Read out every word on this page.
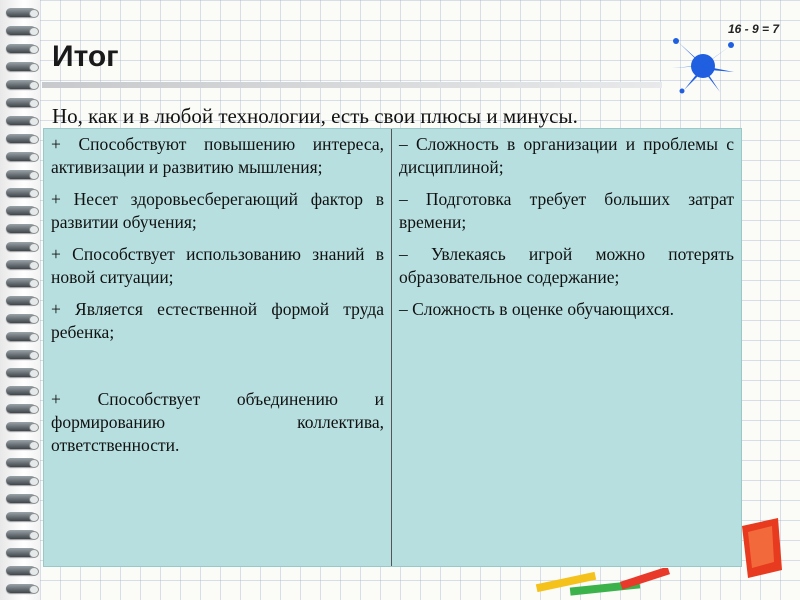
Итог
16 - 9 = 7
Но, как и в любой технологии, есть свои плюсы и минусы.
+ Способствуют повышению интереса, активизации и развитию мышления;
+ Несет здоровьесберегающий фактор в развитии обучения;
+ Способствует использованию знаний в новой ситуации;
+ Является естественной формой труда ребенка;
+ Способствует объединению и формированию коллектива, ответственности.
– Сложность в организации и проблемы с дисциплиной;
– Подготовка требует больших затрат времени;
– Увлекаясь игрой можно потерять образовательное содержание;
– Сложность в оценке обучающихся.
